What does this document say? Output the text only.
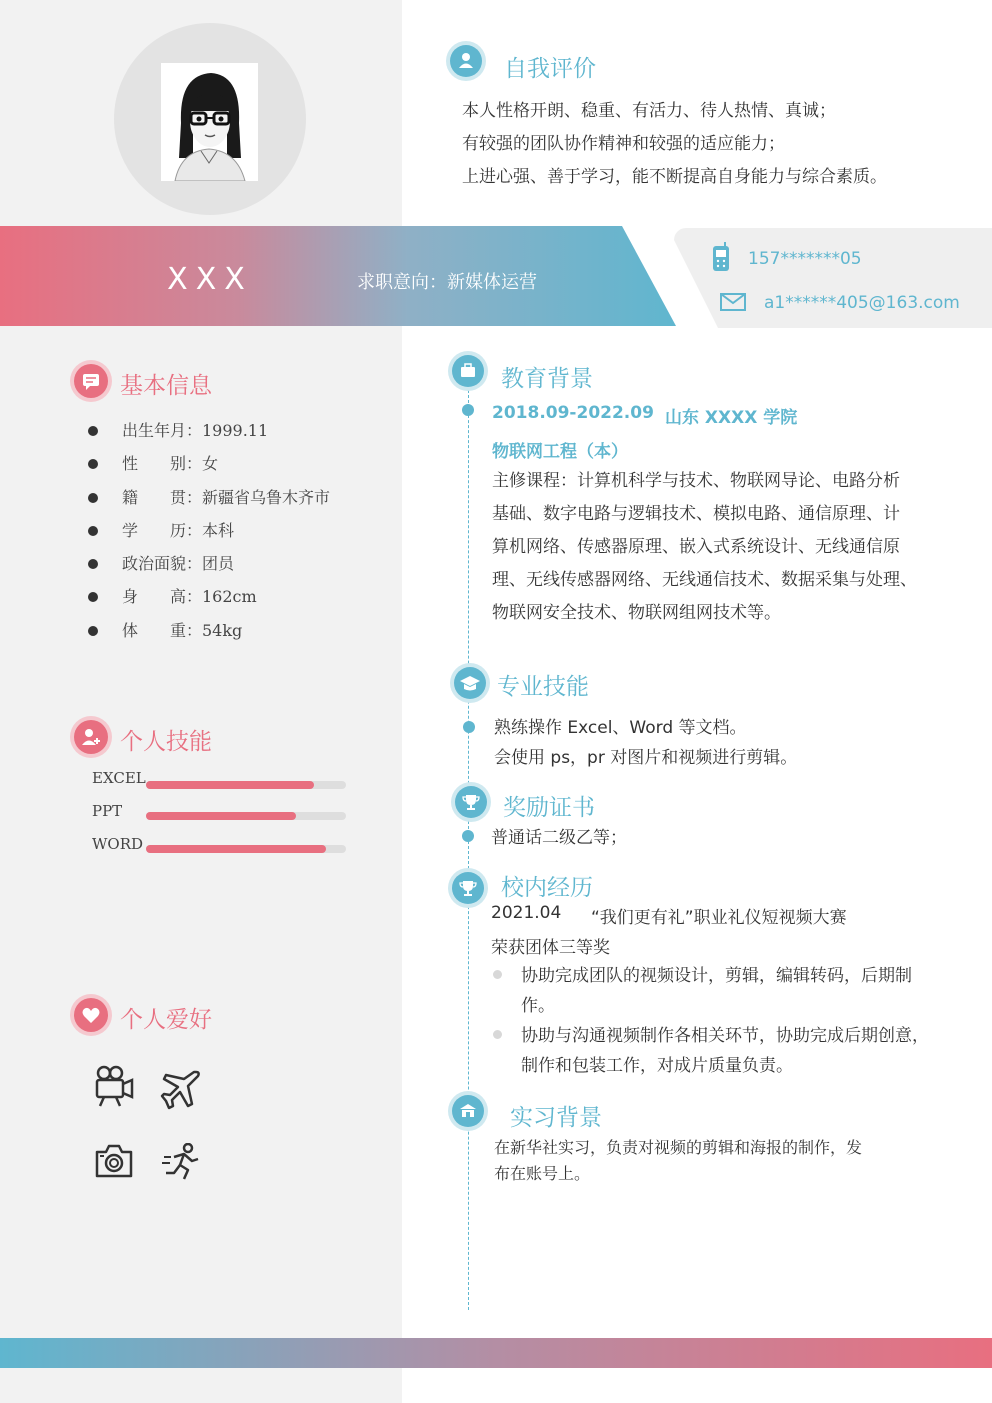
自我评价
本人性格开朗、稳重、有活力、待人热情、真诚；
有较强的团队协作精神和较强的适应能力；
上进心强、善于学习，能不断提高自身能力与综合素质。
XXX	求职意向：新媒体运营
157*******05
a1******405@163.com
基本信息
出生年月：1999.11
性　　别：女
籍　　贯：新疆省乌鲁木齐市
学　　历：本科
政治面貌：团员
身　　高：162cm
体　　重：54kg
个人技能
EXCEL
PPT
WORD
个人爱好
教育背景
2018.09-2022.09 山东 XXXX 学院
物联网工程（本）
主修课程：计算机科学与技术、物联网导论、电路分析
基础、数字电路与逻辑技术、模拟电路、通信原理、计
算机网络、传感器原理、嵌入式系统设计、无线通信原
理、无线传感器网络、无线通信技术、数据采集与处理、
物联网安全技术、物联网组网技术等。
专业技能
熟练操作 Excel、Word 等文档。
会使用 ps，pr 对图片和视频进行剪辑。
奖励证书
普通话二级乙等；
校内经历
2021.04 “我们更有礼”职业礼仪短视频大赛
荣获团体三等奖
协助完成团队的视频设计，剪辑，编辑转码，后期制
作。
协助与沟通视频制作各相关环节，协助完成后期创意，
制作和包装工作，对成片质量负责。
实习背景
在新华社实习，负责对视频的剪辑和海报的制作，发
布在账号上。
